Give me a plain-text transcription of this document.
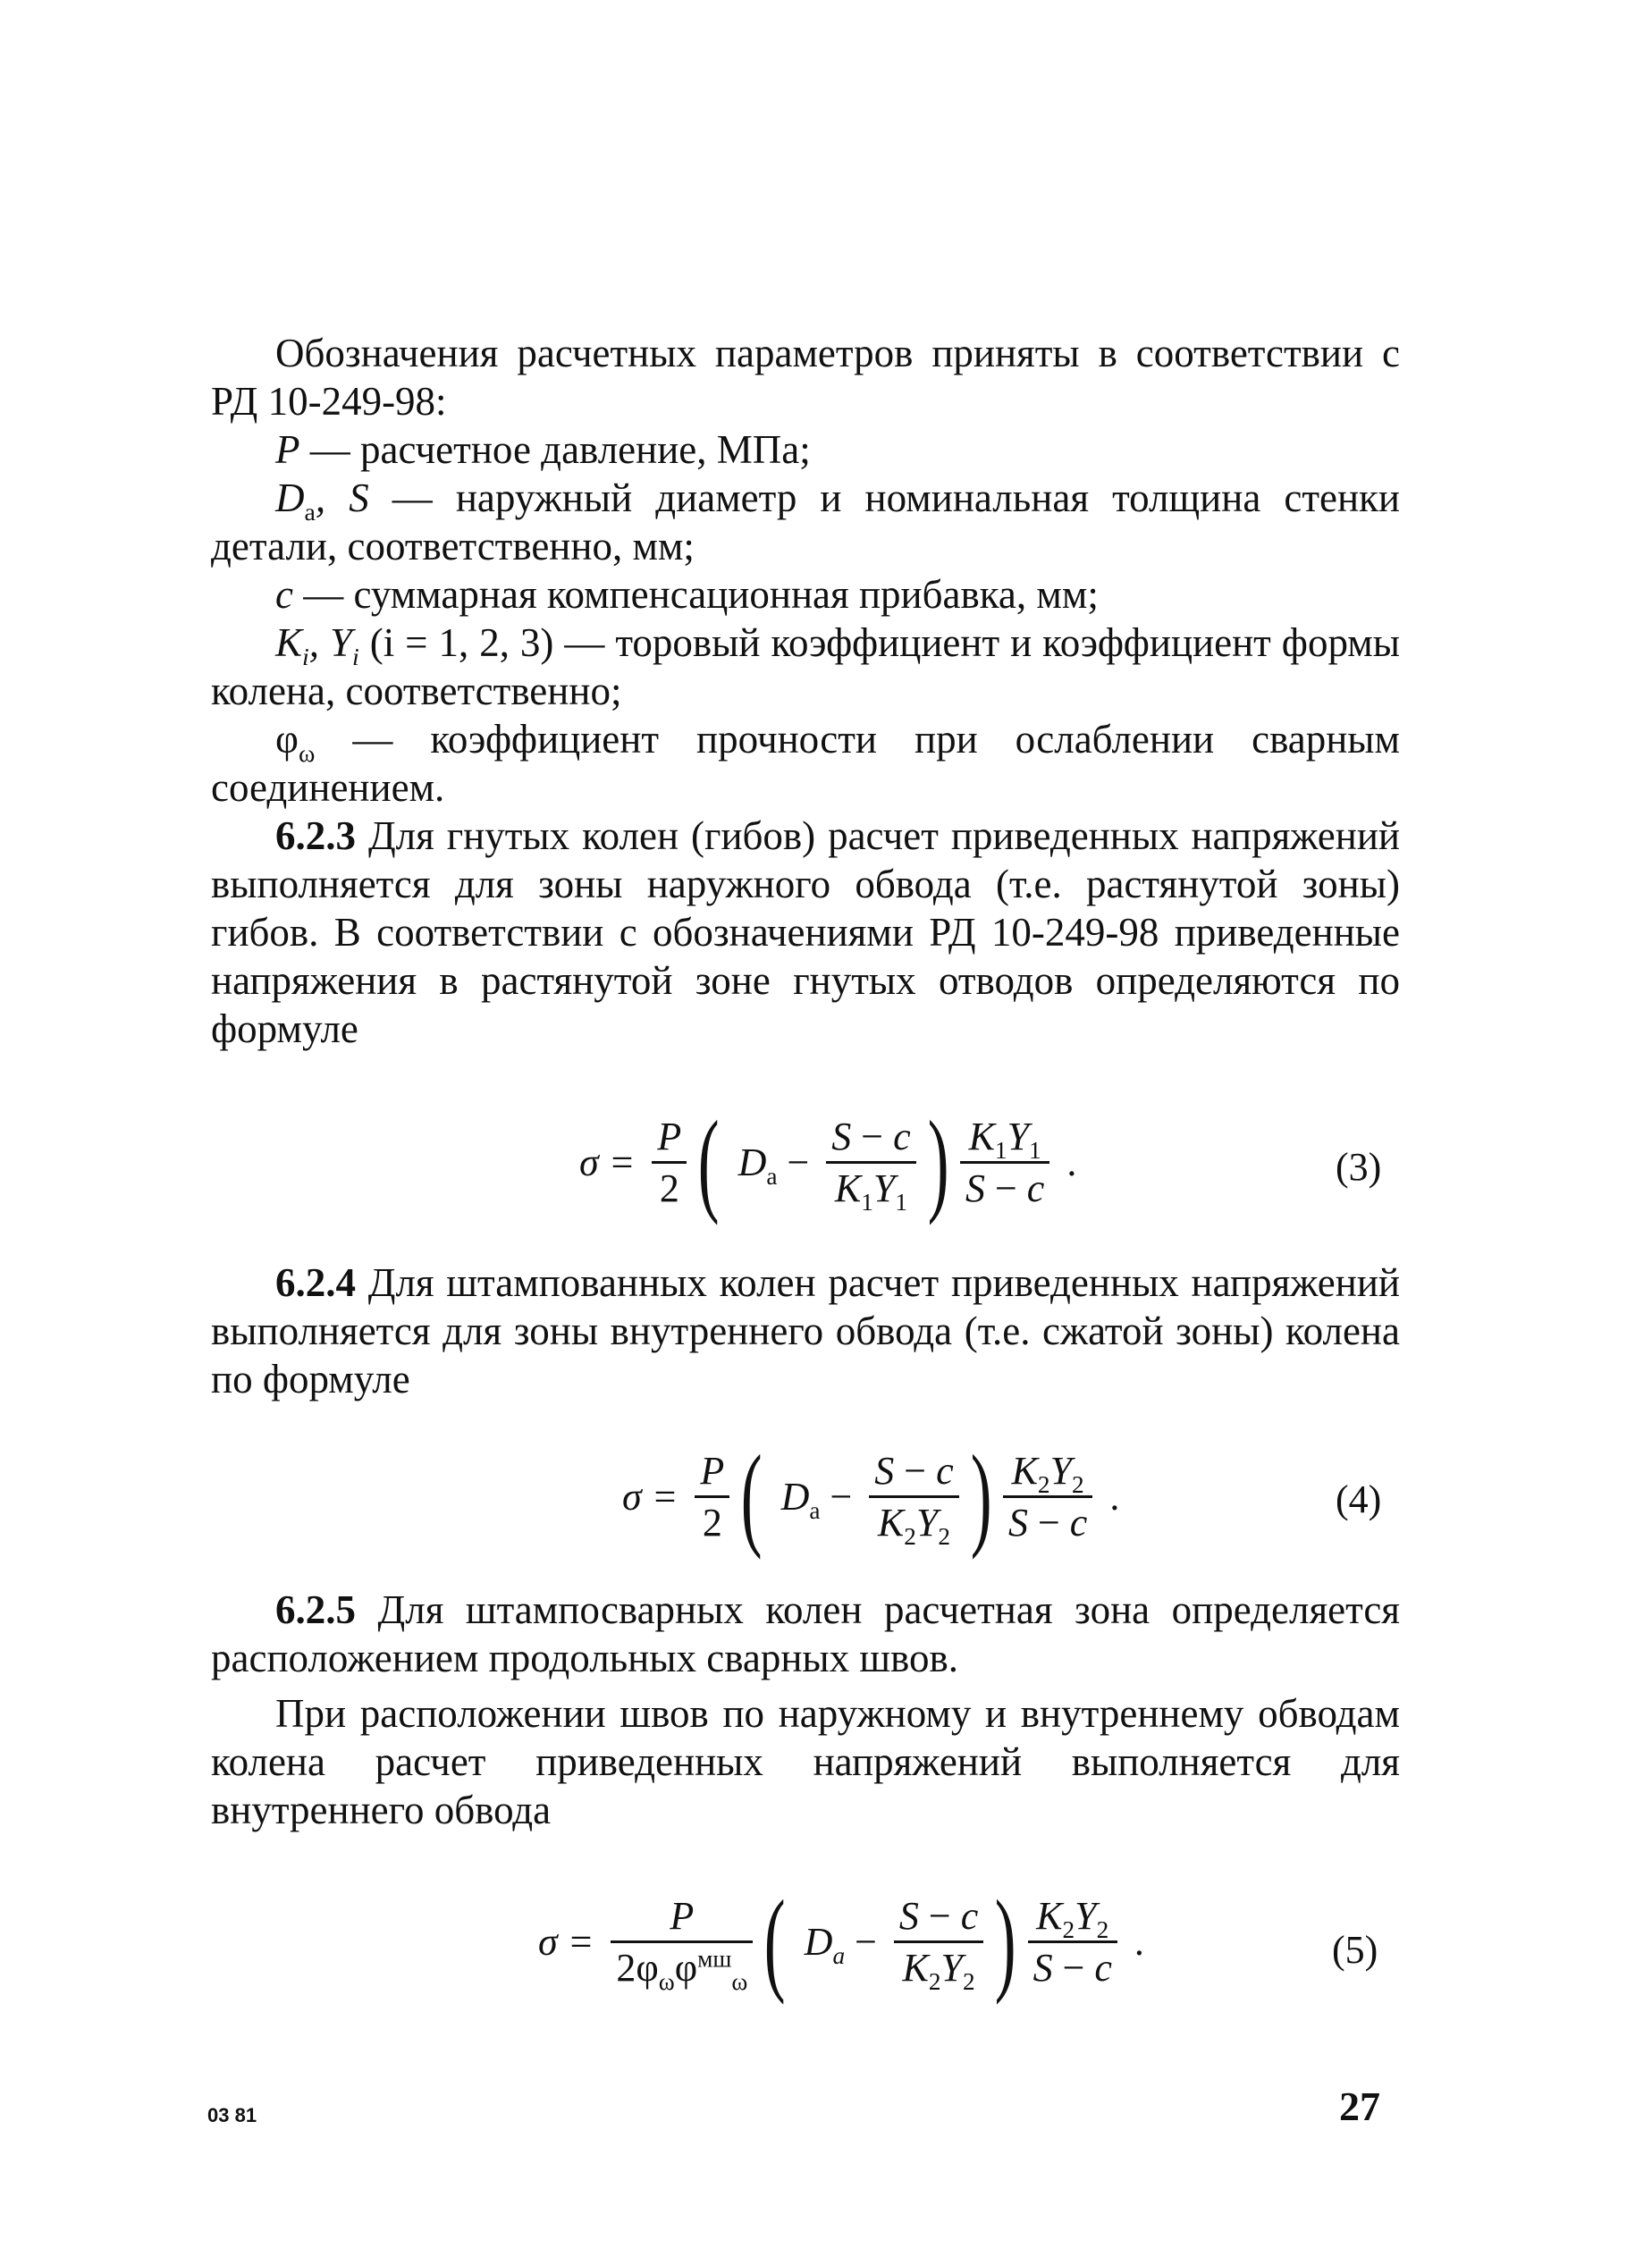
Обозначения расчетных параметров приняты в соответствии с РД 10-249-98:

P — расчетное давление, МПа;

$D_a$, S — наружный диаметр и номинальная толщина стенки детали, соответственно, мм;

c — суммарная компенсационная прибавка, мм;

$K_i$, $Y_i$ (i = 1, 2, 3) — торовый коэффициент и коэффициент формы колена, соответственно;

$\varphi_\omega$ — коэффициент прочности при ослаблении сварным соединением.

6.2.3 Для гнутых колен (гибов) расчет приведенных напряжений выполняется для зоны наружного обвода (т.е. растянутой зоны) гибов. В соответствии с обозначениями РД 10-249-98 приведенные напряжения в растянутой зоне гнутых отводов определяются по формуле

$\sigma = \frac{P}{2}$ ( $D_a - \frac{S - c}{K_1Y_1}$ ) $\frac{K_1Y_1}{S - c}$ .	(3)

6.2.4 Для штампованных колен расчет приведенных напряжений выполняется для зоны внутреннего обвода (т.е. сжатой зоны) колена по формуле

$\sigma = \frac{P}{2}$ ( $D_a - \frac{S - c}{K_2Y_2}$ ) $\frac{K_2Y_2}{S - c}$ .	(4)

6.2.5 Для штампосварных колен расчетная зона определяется расположением продольных сварных швов.

При расположении швов по наружному и внутреннему обводам колена расчет приведенных напряжений выполняется для внутреннего обвода

$\sigma = \frac{P}{2\varphi_\omega\varphi^{мш}_\omega}$ ( $D_a - \frac{S - c}{K_2Y_2}$ ) $\frac{K_2Y_2}{S - c}$ .	(5)
03 81	27
